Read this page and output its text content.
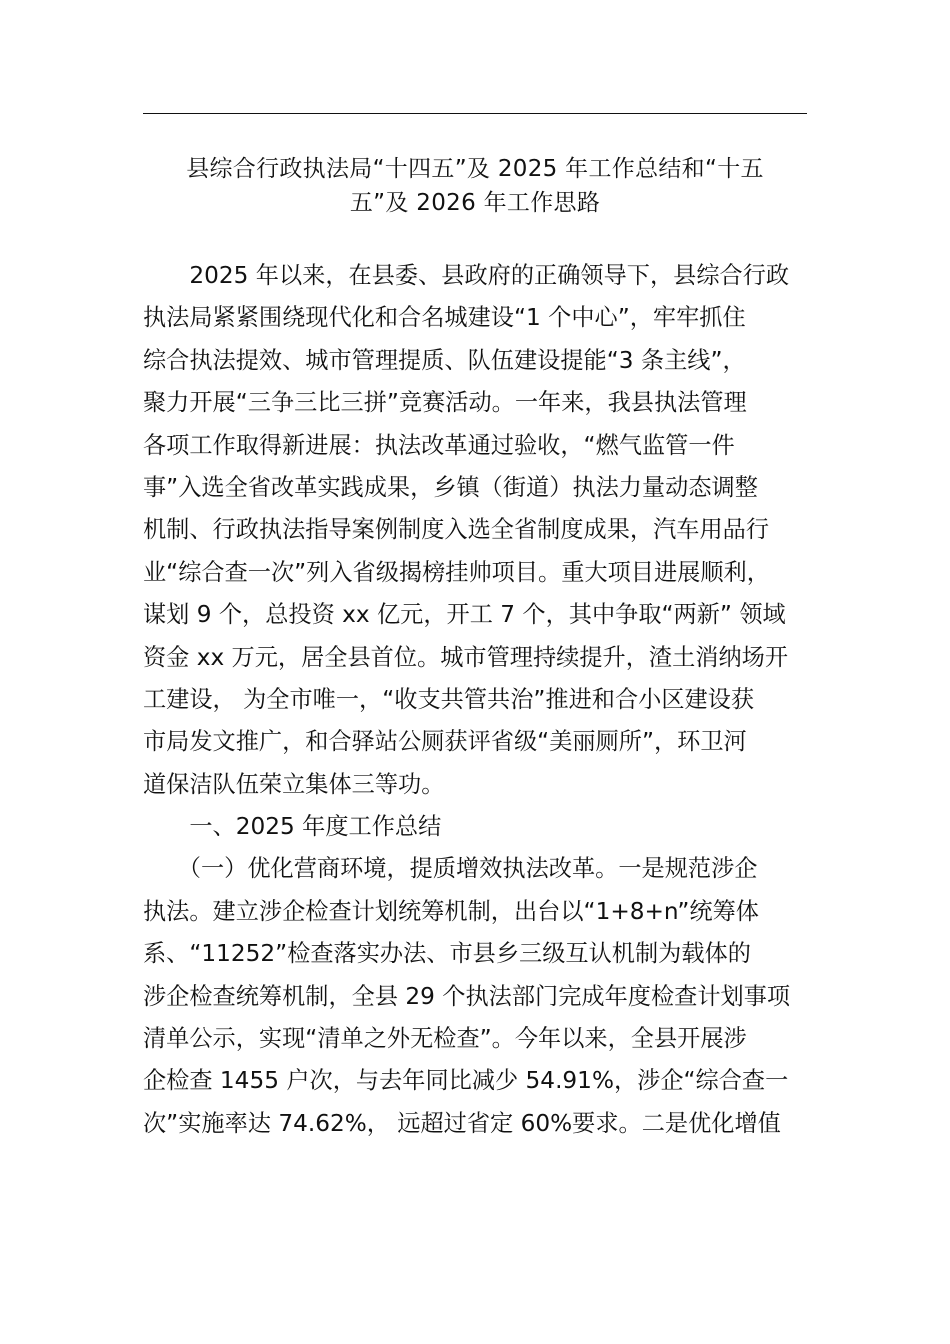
县综合行政执法局“十四五”及 2025 年工作总结和“十五
五”及 2026 年工作思路
　　2025 年以来，在县委、县政府的正确领导下，县综合行政
执法局紧紧围绕现代化和合名城建设“1 个中心”，牢牢抓住
综合执法提效、城市管理提质、队伍建设提能“3 条主线”，
聚力开展“三争三比三拼”竞赛活动。一年来，我县执法管理
各项工作取得新进展：执法改革通过验收，“燃气监管一件
事”入选全省改革实践成果，乡镇（街道）执法力量动态调整
机制、行政执法指导案例制度入选全省制度成果，汽车用品行
业“综合查一次”列入省级揭榜挂帅项目。重大项目进展顺利，
谋划 9 个，总投资 xx 亿元，开工 7 个，其中争取“两新” 领域
资金 xx 万元，居全县首位。城市管理持续提升，渣土消纳场开
工建设， 为全市唯一，“收支共管共治”推进和合小区建设获
市局发文推广，和合驿站公厕获评省级“美丽厕所”，环卫河
道保洁队伍荣立集体三等功。
　　一、2025 年度工作总结
　　（一）优化营商环境，提质增效执法改革。一是规范涉企
执法。建立涉企检查计划统筹机制，出台以“1+8+n”统筹体
系、“11252”检查落实办法、市县乡三级互认机制为载体的
涉企检查统筹机制，全县 29 个执法部门完成年度检查计划事项
清单公示，实现“清单之外无检查”。今年以来，全县开展涉
企检查 1455 户次，与去年同比减少 54.91%，涉企“综合查一
次”实施率达 74.62%， 远超过省定 60%要求。二是优化增值
